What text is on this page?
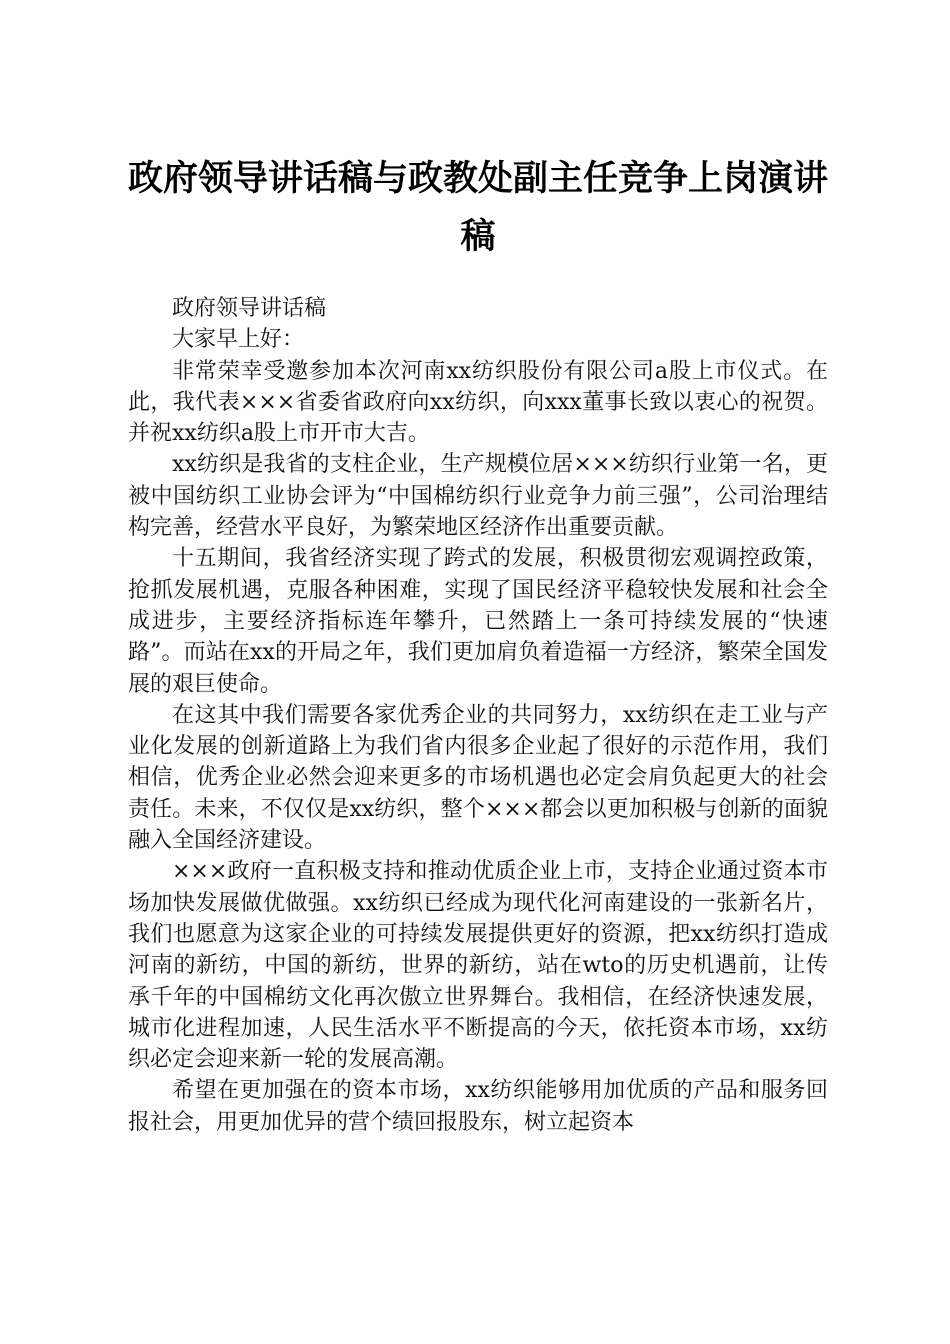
政府领导讲话稿与政教处副主任竞争上岗演讲稿

政府领导讲话稿

大家早上好：

非常荣幸受邀参加本次河南xx纺织股份有限公司a股上市仪式。在此，我代表×××省委省政府向xx纺织，向xxx董事长致以衷心的祝贺。并祝xx纺织a股上市开市大吉。

xx纺织是我省的支柱企业，生产规模位居×××纺织行业第一名，更被中国纺织工业协会评为“中国棉纺织行业竞争力前三强”，公司治理结构完善，经营水平良好，为繁荣地区经济作出重要贡献。

十五期间，我省经济实现了跨式的发展，积极贯彻宏观调控政策，抢抓发展机遇，克服各种困难，实现了国民经济平稳较快发展和社会全成进步，主要经济指标连年攀升，已然踏上一条可持续发展的“快速路”。而站在xx的开局之年，我们更加肩负着造福一方经济，繁荣全国发展的艰巨使命。

在这其中我们需要各家优秀企业的共同努力，xx纺织在走工业与产业化发展的创新道路上为我们省内很多企业起了很好的示范作用，我们相信，优秀企业必然会迎来更多的市场机遇也必定会肩负起更大的社会责任。未来，不仅仅是xx纺织，整个×××都会以更加积极与创新的面貌融入全国经济建设。

×××政府一直积极支持和推动优质企业上市，支持企业通过资本市场加快发展做优做强。xx纺织已经成为现代化河南建设的一张新名片，我们也愿意为这家企业的可持续发展提供更好的资源，把xx纺织打造成河南的新纺，中国的新纺，世界的新纺，站在wto的历史机遇前，让传承千年的中国棉纺文化再次傲立世界舞台。我相信，在经济快速发展，城市化进程加速，人民生活水平不断提高的今天，依托资本市场，xx纺织必定会迎来新一轮的发展高潮。

希望在更加强在的资本市场，xx纺织能够用加优质的产品和服务回报社会，用更加优异的营个绩回报股东，树立起资本
